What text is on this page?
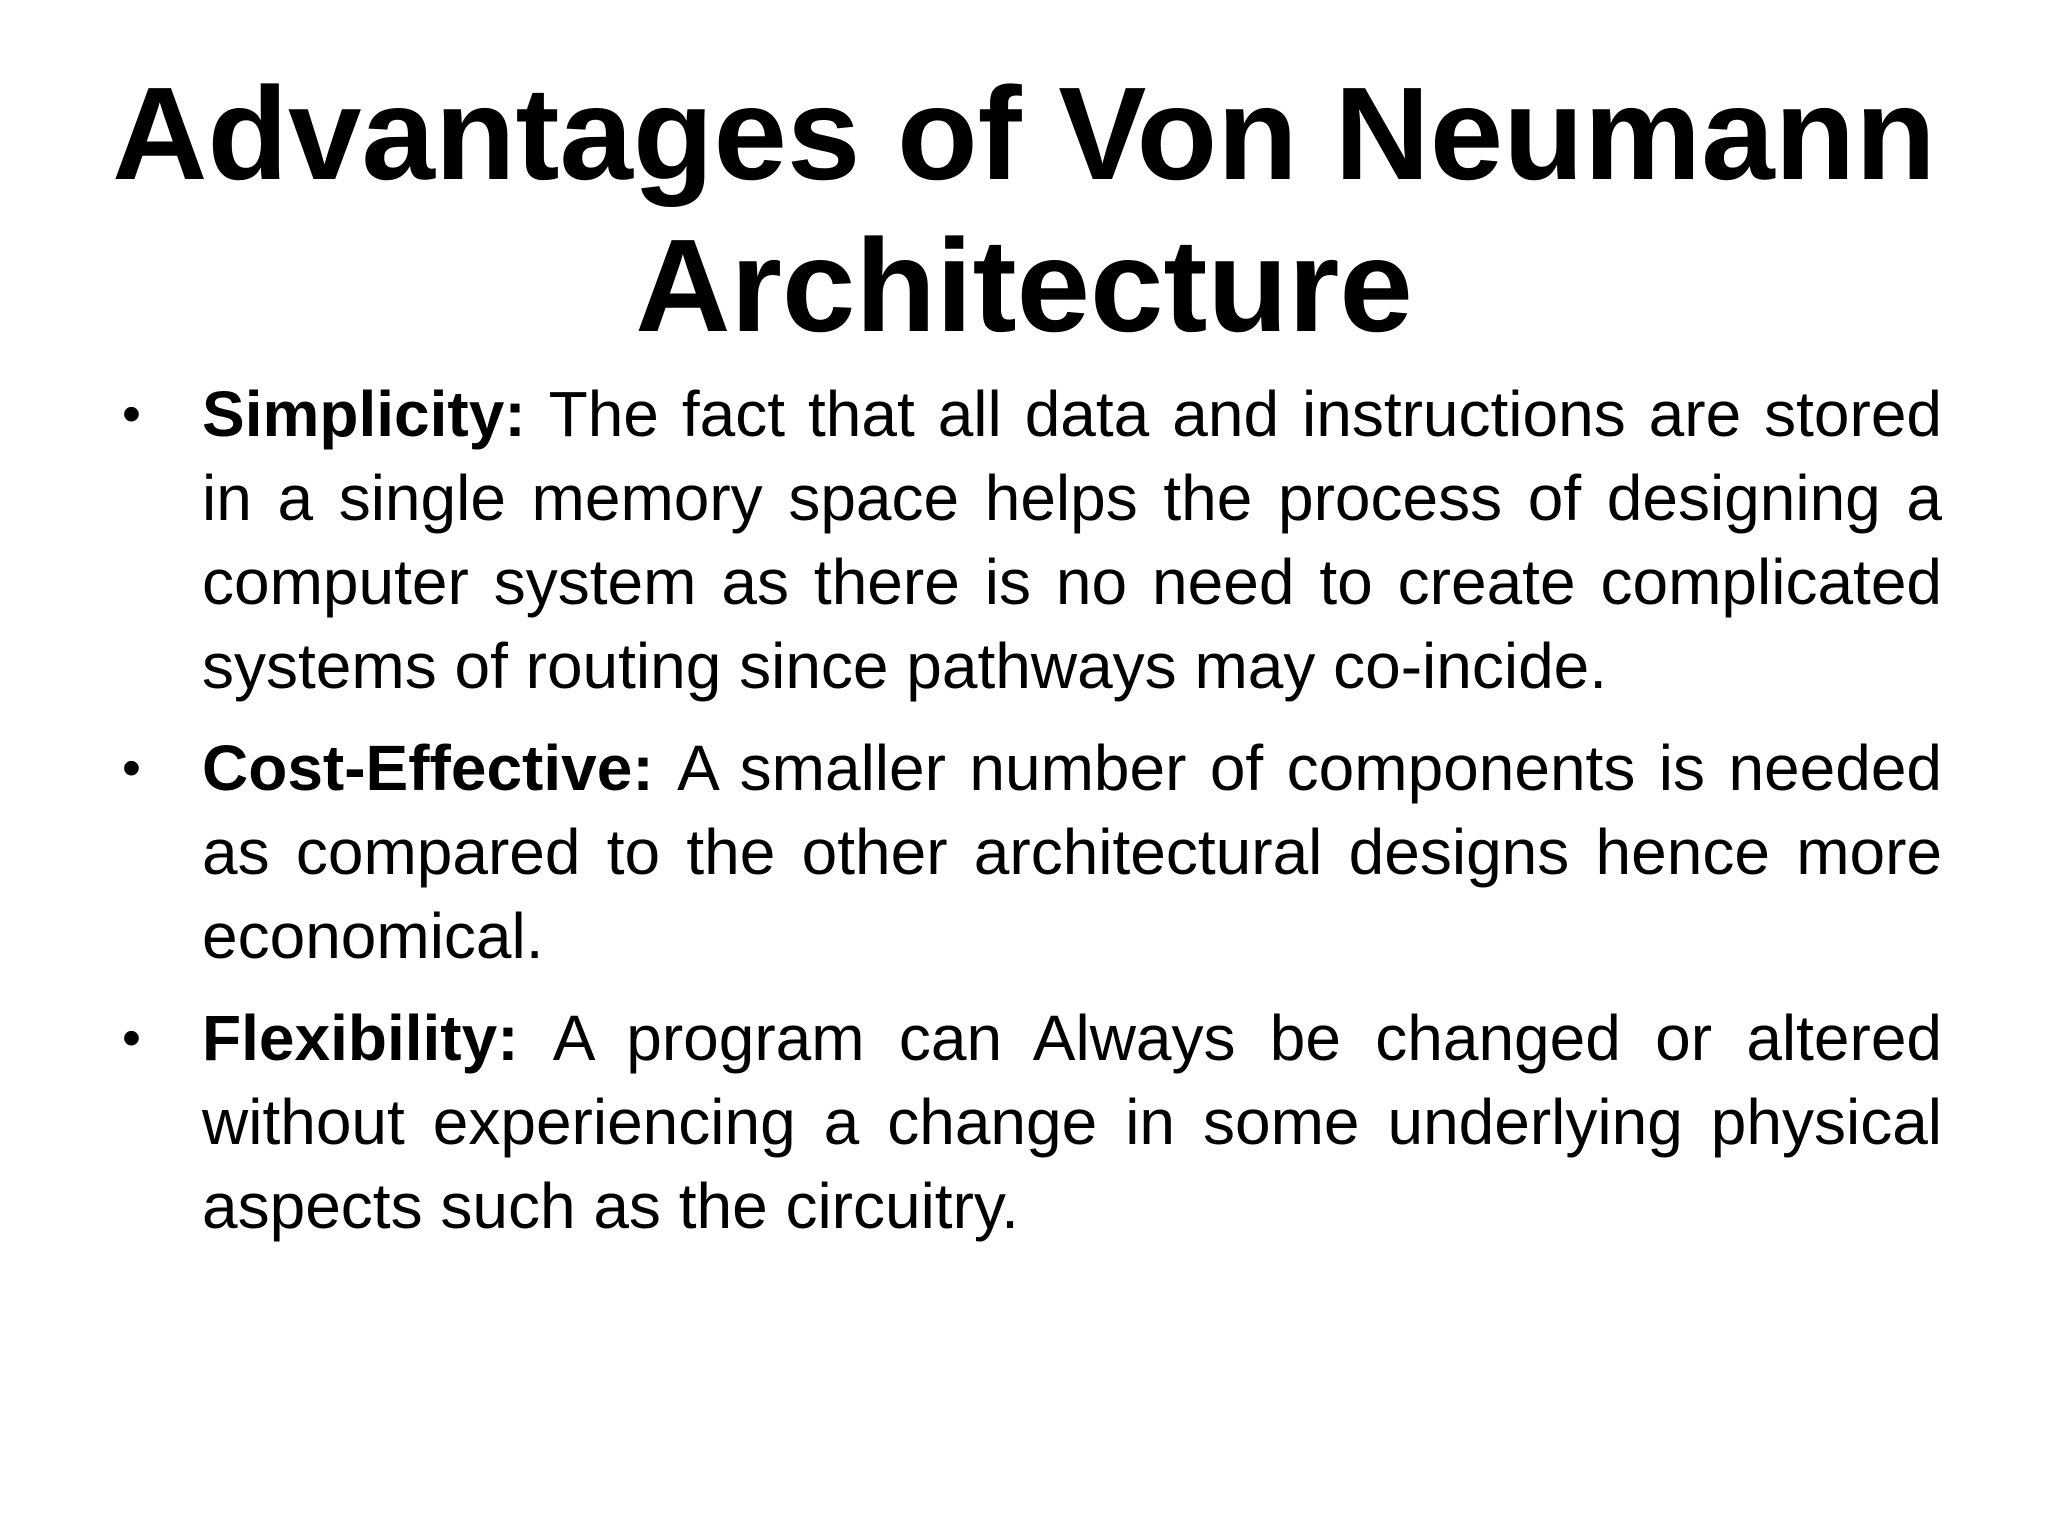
Advantages of Von Neumann Architecture
• Simplicity: The fact that all data and instructions are stored in a single memory space helps the process of designing a computer system as there is no need to create complicated systems of routing since pathways may co-incide.
• Cost-Effective: A smaller number of components is needed as compared to the other architectural designs hence more economical.
• Flexibility: A program can Always be changed or altered without experiencing a change in some underlying physical aspects such as the circuitry.
